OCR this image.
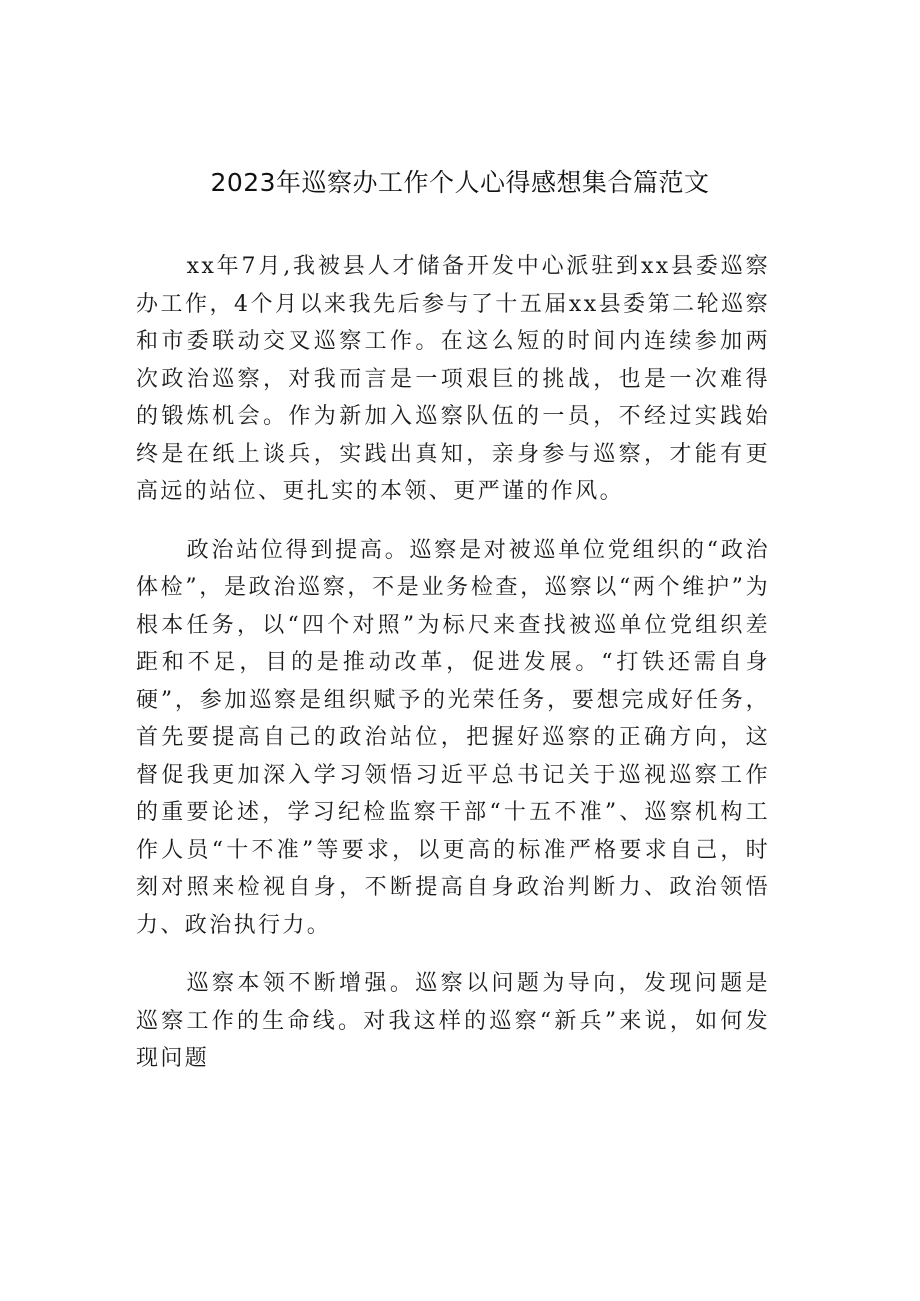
2023年巡察办工作个人心得感想集合篇范文

xx年7月,我被县人才储备开发中心派驻到xx县委巡察办工作，4个月以来我先后参与了十五届xx县委第二轮巡察和市委联动交叉巡察工作。在这么短的时间内连续参加两次政治巡察，对我而言是一项艰巨的挑战，也是一次难得的锻炼机会。作为新加入巡察队伍的一员，不经过实践始终是在纸上谈兵，实践出真知，亲身参与巡察，才能有更高远的站位、更扎实的本领、更严谨的作风。

政治站位得到提高。巡察是对被巡单位党组织的“政治体检”，是政治巡察，不是业务检查，巡察以“两个维护”为根本任务，以“四个对照”为标尺来查找被巡单位党组织差距和不足，目的是推动改革，促进发展。“打铁还需自身硬”，参加巡察是组织赋予的光荣任务，要想完成好任务，首先要提高自己的政治站位，把握好巡察的正确方向，这督促我更加深入学习领悟习近平总书记关于巡视巡察工作的重要论述，学习纪检监察干部“十五不准”、巡察机构工作人员“十不准”等要求，以更高的标准严格要求自己，时刻对照来检视自身，不断提高自身政治判断力、政治领悟力、政治执行力。

巡察本领不断增强。巡察以问题为导向，发现问题是巡察工作的生命线。对我这样的巡察“新兵”来说，如何发现问题
